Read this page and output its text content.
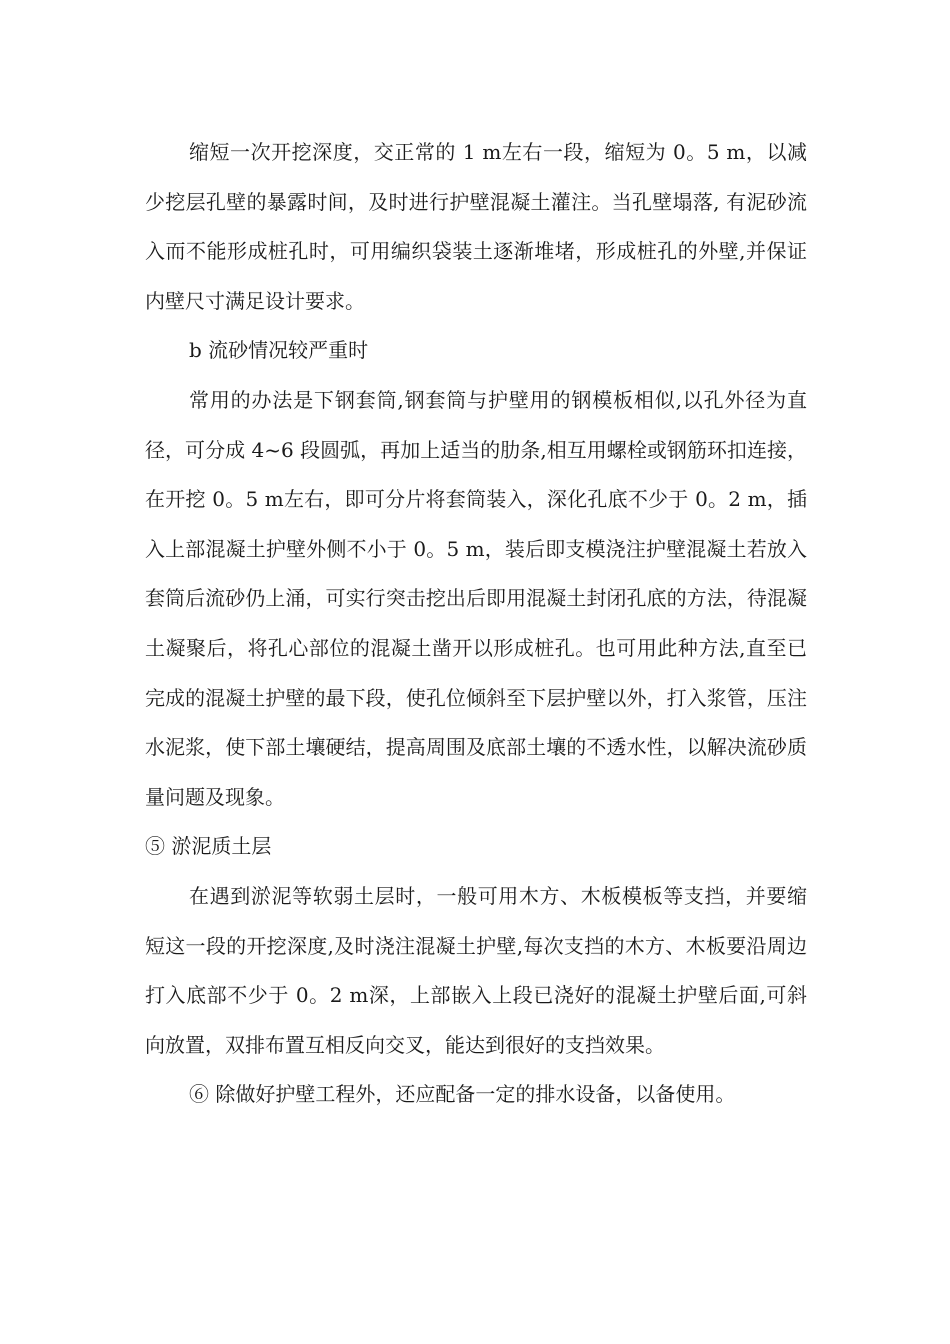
缩短一次开挖深度，交正常的 1 m左右一段，缩短为 0。5 m，以减少挖层孔壁的暴露时间，及时进行护壁混凝土灌注。当孔壁塌落, 有泥砂流入而不能形成桩孔时，可用编织袋装土逐渐堆堵，形成桩孔的外壁,并保证内壁尺寸满足设计要求。

b 流砂情况较严重时

常用的办法是下钢套筒,钢套筒与护壁用的钢模板相似,以孔外径为直径，可分成 4~6 段圆弧，再加上适当的肋条,相互用螺栓或钢筋环扣连接，在开挖 0。5 m左右，即可分片将套筒装入，深化孔底不少于 0。2 m，插入上部混凝土护壁外侧不小于 0。5 m，装后即支模浇注护壁混凝土若放入套筒后流砂仍上涌，可实行突击挖出后即用混凝土封闭孔底的方法，待混凝土凝聚后，将孔心部位的混凝土凿开以形成桩孔。也可用此种方法,直至已完成的混凝土护壁的最下段，使孔位倾斜至下层护壁以外，打入浆管，压注水泥浆，使下部土壤硬结，提高周围及底部土壤的不透水性，以解决流砂质量问题及现象。

⑤ 淤泥质土层

在遇到淤泥等软弱土层时，一般可用木方、木板模板等支挡，并要缩短这一段的开挖深度,及时浇注混凝土护壁,每次支挡的木方、木板要沿周边打入底部不少于 0。2 m深，上部嵌入上段已浇好的混凝土护壁后面,可斜向放置，双排布置互相反向交叉，能达到很好的支挡效果。

⑥ 除做好护壁工程外，还应配备一定的排水设备，以备使用。
